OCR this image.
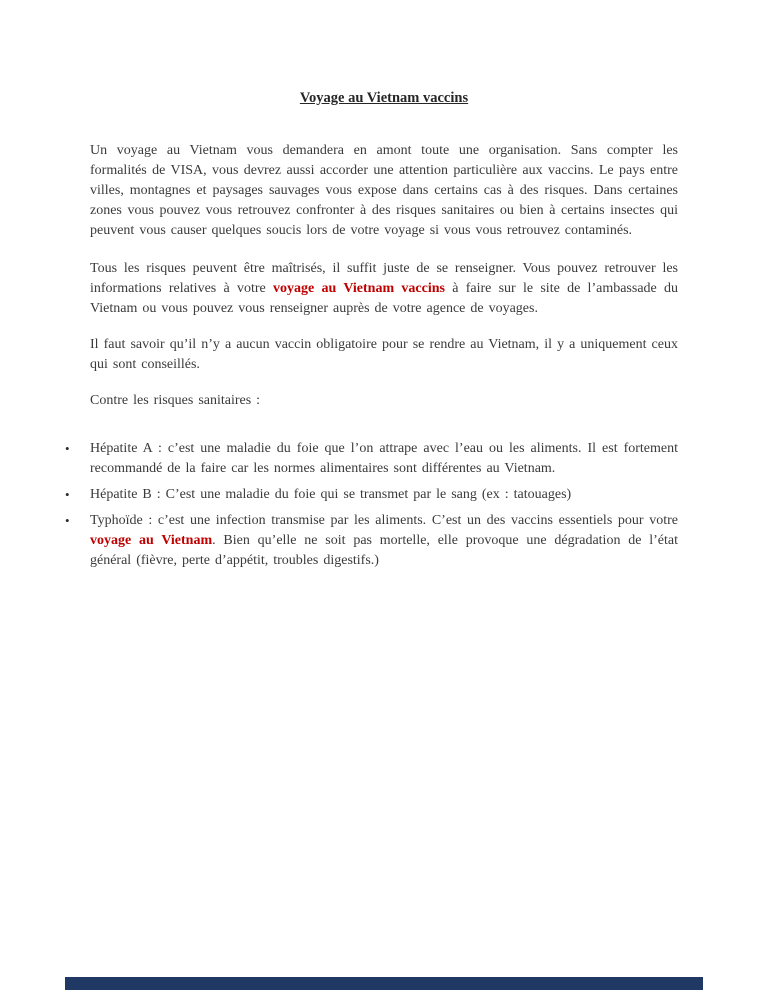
Voyage au Vietnam vaccins

Un voyage au Vietnam vous demandera en amont toute une organisation. Sans compter les formalités de VISA, vous devrez aussi accorder une attention particulière aux vaccins. Le pays entre villes, montagnes et paysages sauvages vous expose dans certains cas à des risques. Dans certaines zones vous pouvez vous retrouvez confronter à des risques sanitaires ou bien à certains insectes qui peuvent vous causer quelques soucis lors de votre voyage si vous vous retrouvez contaminés.

Tous les risques peuvent être maîtrisés, il suffit juste de se renseigner. Vous pouvez retrouver les informations relatives à votre voyage au Vietnam vaccins à faire sur le site de l’ambassade du Vietnam ou vous pouvez vous renseigner auprès de votre agence de voyages.

Il faut savoir qu’il n’y a aucun vaccin obligatoire pour se rendre au Vietnam, il y a uniquement ceux qui sont conseillés.

Contre les risques sanitaires :

• Hépatite A : c’est une maladie du foie que l’on attrape avec l’eau ou les aliments. Il est fortement recommandé de la faire car les normes alimentaires sont différentes au Vietnam.
• Hépatite B : C’est une maladie du foie qui se transmet par le sang (ex : tatouages)
• Typhoïde : c’est une infection transmise par les aliments. C’est un des vaccins essentiels pour votre voyage au Vietnam. Bien qu’elle ne soit pas mortelle, elle provoque une dégradation de l’état général (fièvre, perte d’appétit, troubles digestifs.)
